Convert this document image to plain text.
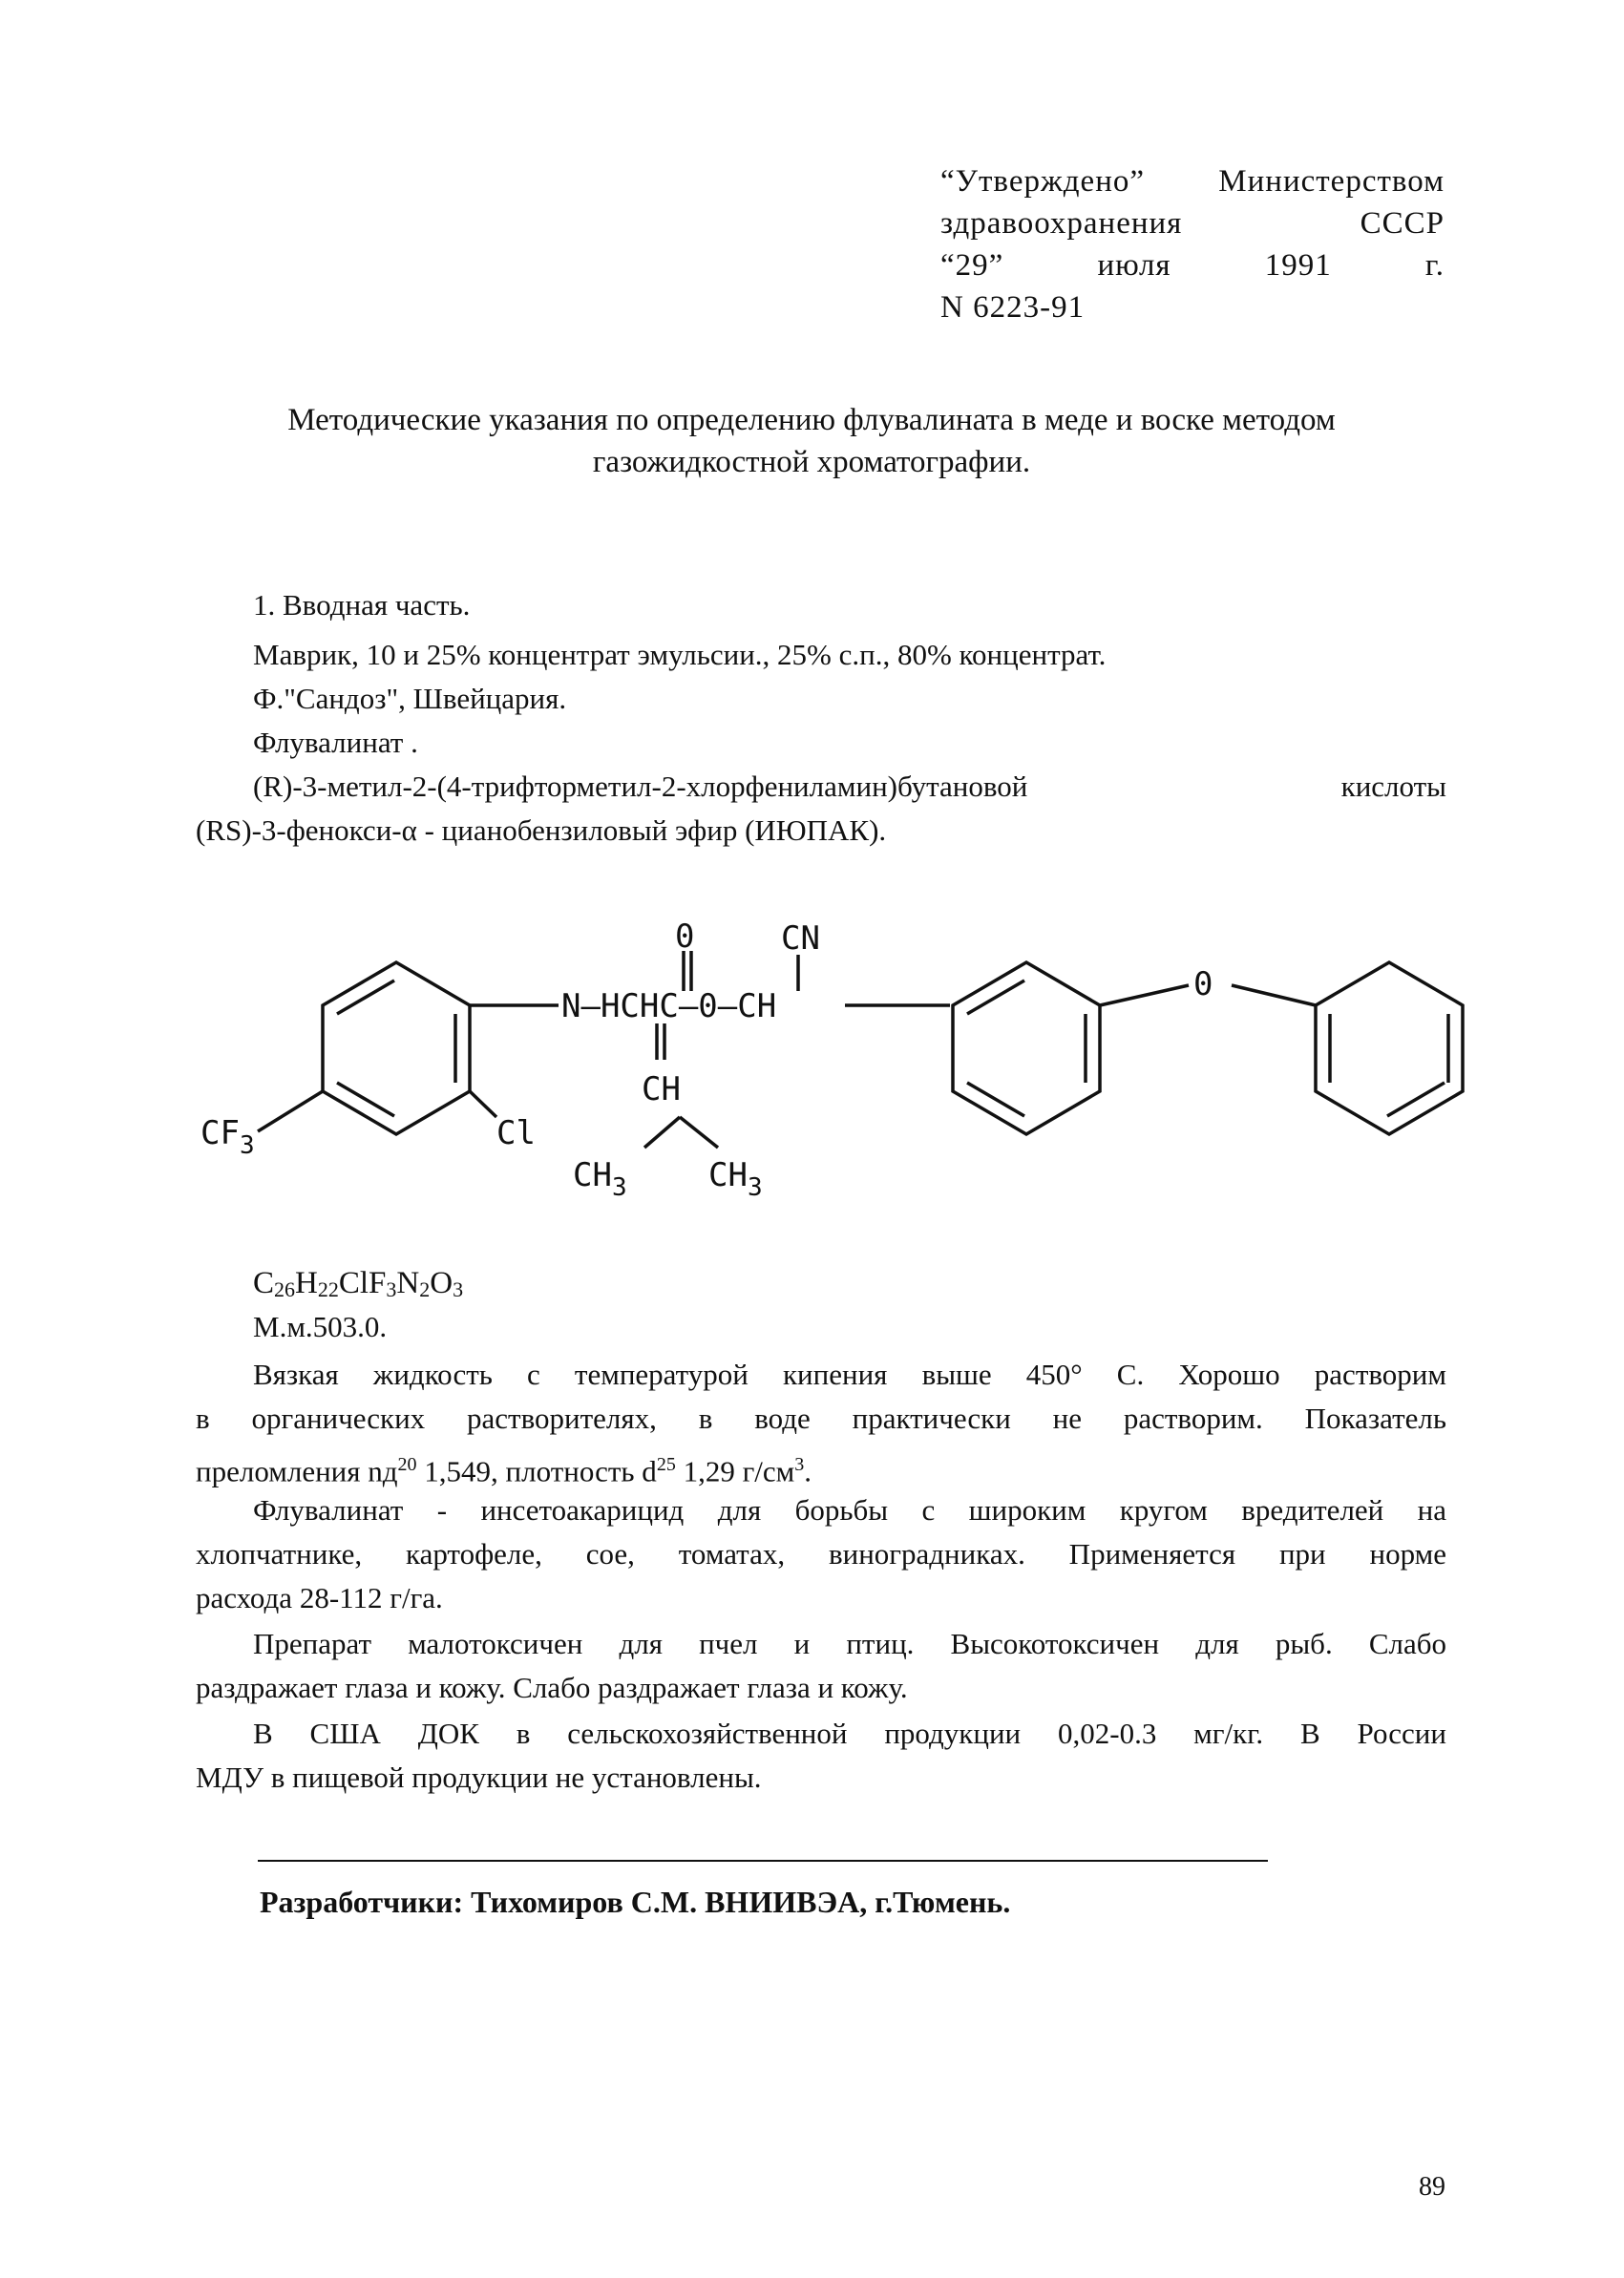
“Утверждено” Министерством
здравоохранения	СССР
“29”	июля	1991	г.
N 6223-91
Методические указания по определению флувалината в меде и воске методом
газожидкостной хроматографии.
1. Вводная часть.
Маврик, 10 и 25% концентрат эмульсии., 25% с.п., 80% концентрат.
Ф."Сандоз", Швейцария.
Флувалинат .
(R)-3-метил-2-(4-трифторметил-2-хлорфениламин)бутановой кислоты
(RS)-3-фенокси-α - цианобензиловый эфир (ИЮПАК).
0	CN
N—HCHC—0—CH
0
CH
$CH_3$	$CH_3$
$CF_3$	Cl
$C_{26}H_{22}ClF_3N_2O_3$
М.м.503.0.
Вязкая жидкость с температурой кипения выше 450° С. Хорошо растворим
в органических растворителях, в воде практически не растворим. Показатель
преломления $nд^{20}$ 1,549, плотность $d^{25}$ 1,29 $г/см^3$.
Флувалинат - инсетоакарицид для борьбы с широким кругом вредителей на
хлопчатнике, картофеле, сое, томатах, виноградниках. Применяется при норме
расхода 28-112 г/га.
Препарат малотоксичен для пчел и птиц. Высокотоксичен для рыб. Слабо
раздражает глаза и кожу. Слабо раздражает глаза и кожу.
В США ДОК в сельскохозяйственной продукции 0,02-0.3 мг/кг. В России
МДУ в пищевой продукции не установлены.
Разработчики: Тихомиров С.М. ВНИИВЭА, г.Тюмень.
89
